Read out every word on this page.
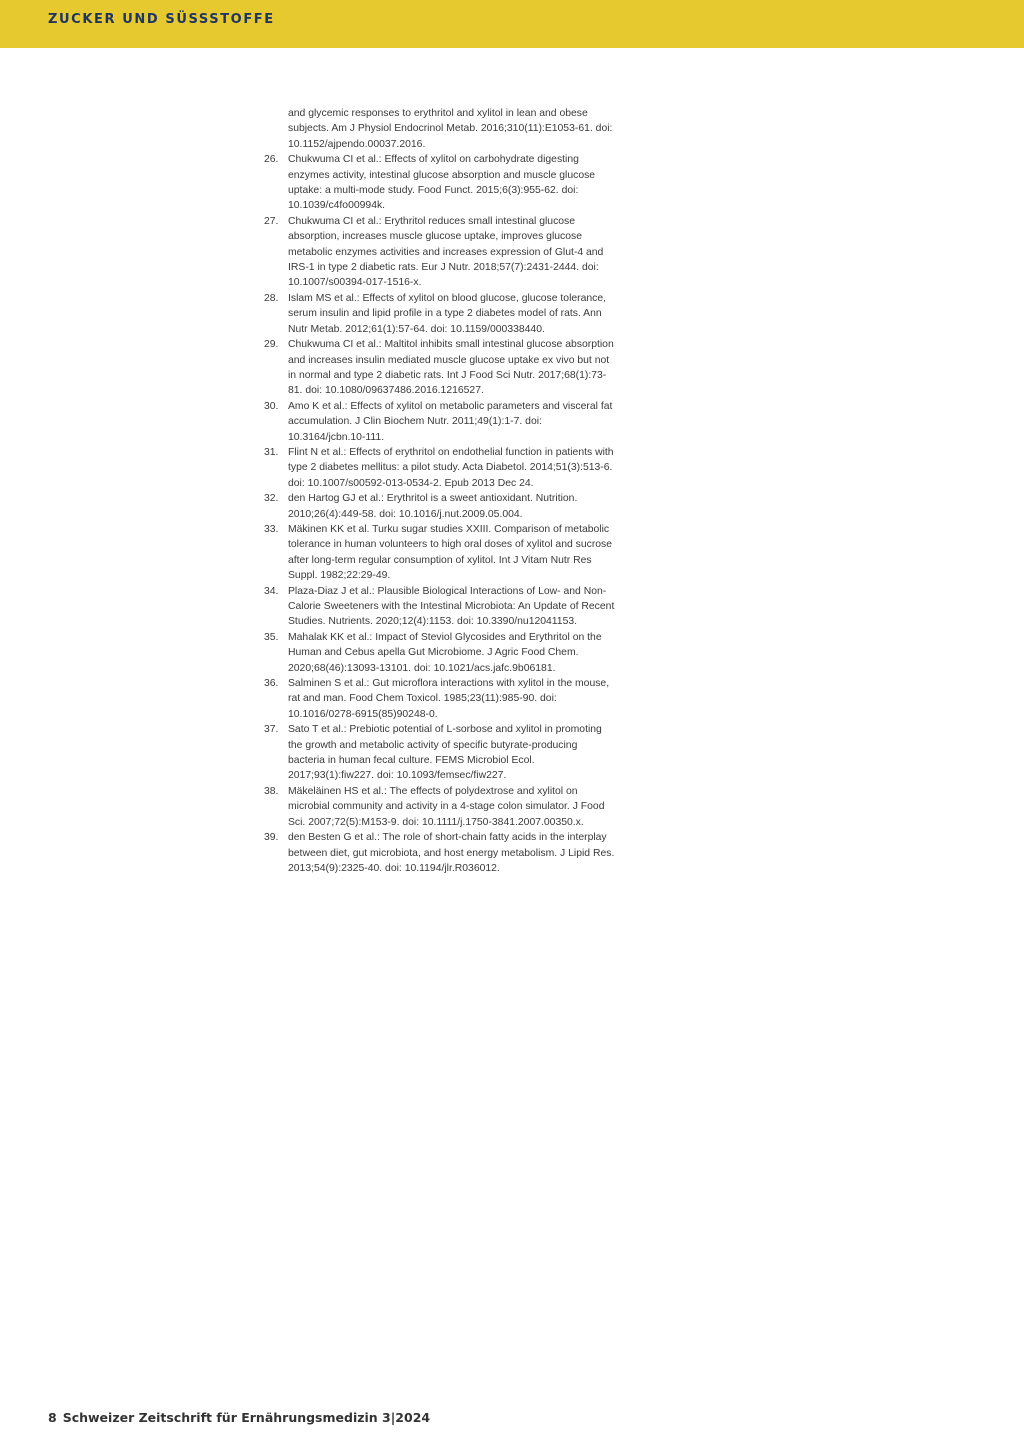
ZUCKER UND SÜSSSTOFFE
and glycemic responses to erythritol and xylitol in lean and obese subjects. Am J Physiol Endocrinol Metab. 2016;310(11):E1053-61. doi: 10.1152/ajpendo.00037.2016.
26. Chukwuma CI et al.: Effects of xylitol on carbohydrate digesting enzymes activity, intestinal glucose absorption and muscle glucose uptake: a multi-mode study. Food Funct. 2015;6(3):955-62. doi: 10.1039/c4fo00994k.
27. Chukwuma CI et al.: Erythritol reduces small intestinal glucose absorption, increases muscle glucose uptake, improves glucose metabolic enzymes activities and increases expression of Glut-4 and IRS-1 in type 2 diabetic rats. Eur J Nutr. 2018;57(7):2431-2444. doi: 10.1007/s00394-017-1516-x.
28. Islam MS et al.: Effects of xylitol on blood glucose, glucose tolerance, serum insulin and lipid profile in a type 2 diabetes model of rats. Ann Nutr Metab. 2012;61(1):57-64. doi: 10.1159/000338440.
29. Chukwuma CI et al.: Maltitol inhibits small intestinal glucose absorption and increases insulin mediated muscle glucose uptake ex vivo but not in normal and type 2 diabetic rats. Int J Food Sci Nutr. 2017;68(1):73-81. doi: 10.1080/09637486.2016.1216527.
30. Amo K et al.: Effects of xylitol on metabolic parameters and visceral fat accumulation. J Clin Biochem Nutr. 2011;49(1):1-7. doi: 10.3164/jcbn.10-111.
31. Flint N et al.: Effects of erythritol on endothelial function in patients with type 2 diabetes mellitus: a pilot study. Acta Diabetol. 2014;51(3):513-6. doi: 10.1007/s00592-013-0534-2. Epub 2013 Dec 24.
32. den Hartog GJ et al.: Erythritol is a sweet antioxidant. Nutrition. 2010;26(4):449-58. doi: 10.1016/j.nut.2009.05.004.
33. Mäkinen KK et al. Turku sugar studies XXIII. Comparison of metabolic tolerance in human volunteers to high oral doses of xylitol and sucrose after long-term regular consumption of xylitol. Int J Vitam Nutr Res Suppl. 1982;22:29-49.
34. Plaza-Diaz J et al.: Plausible Biological Interactions of Low- and Non-Calorie Sweeteners with the Intestinal Microbiota: An Update of Recent Studies. Nutrients. 2020;12(4):1153. doi: 10.3390/nu12041153.
35. Mahalak KK et al.: Impact of Steviol Glycosides and Erythritol on the Human and Cebus apella Gut Microbiome. J Agric Food Chem. 2020;68(46):13093-13101. doi: 10.1021/acs.jafc.9b06181.
36. Salminen S et al.: Gut microflora interactions with xylitol in the mouse, rat and man. Food Chem Toxicol. 1985;23(11):985-90. doi: 10.1016/0278-6915(85)90248-0.
37. Sato T et al.: Prebiotic potential of L-sorbose and xylitol in promoting the growth and metabolic activity of specific butyrate-producing bacteria in human fecal culture. FEMS Microbiol Ecol. 2017;93(1):fiw227. doi: 10.1093/femsec/fiw227.
38. Mäkeläinen HS et al.: The effects of polydextrose and xylitol on microbial community and activity in a 4-stage colon simulator. J Food Sci. 2007;72(5):M153-9. doi: 10.1111/j.1750-3841.2007.00350.x.
39. den Besten G et al.: The role of short-chain fatty acids in the interplay between diet, gut microbiota, and host energy metabolism. J Lipid Res. 2013;54(9):2325-40. doi: 10.1194/jlr.R036012.
8 Schweizer Zeitschrift für Ernährungsmedizin 3|2024
